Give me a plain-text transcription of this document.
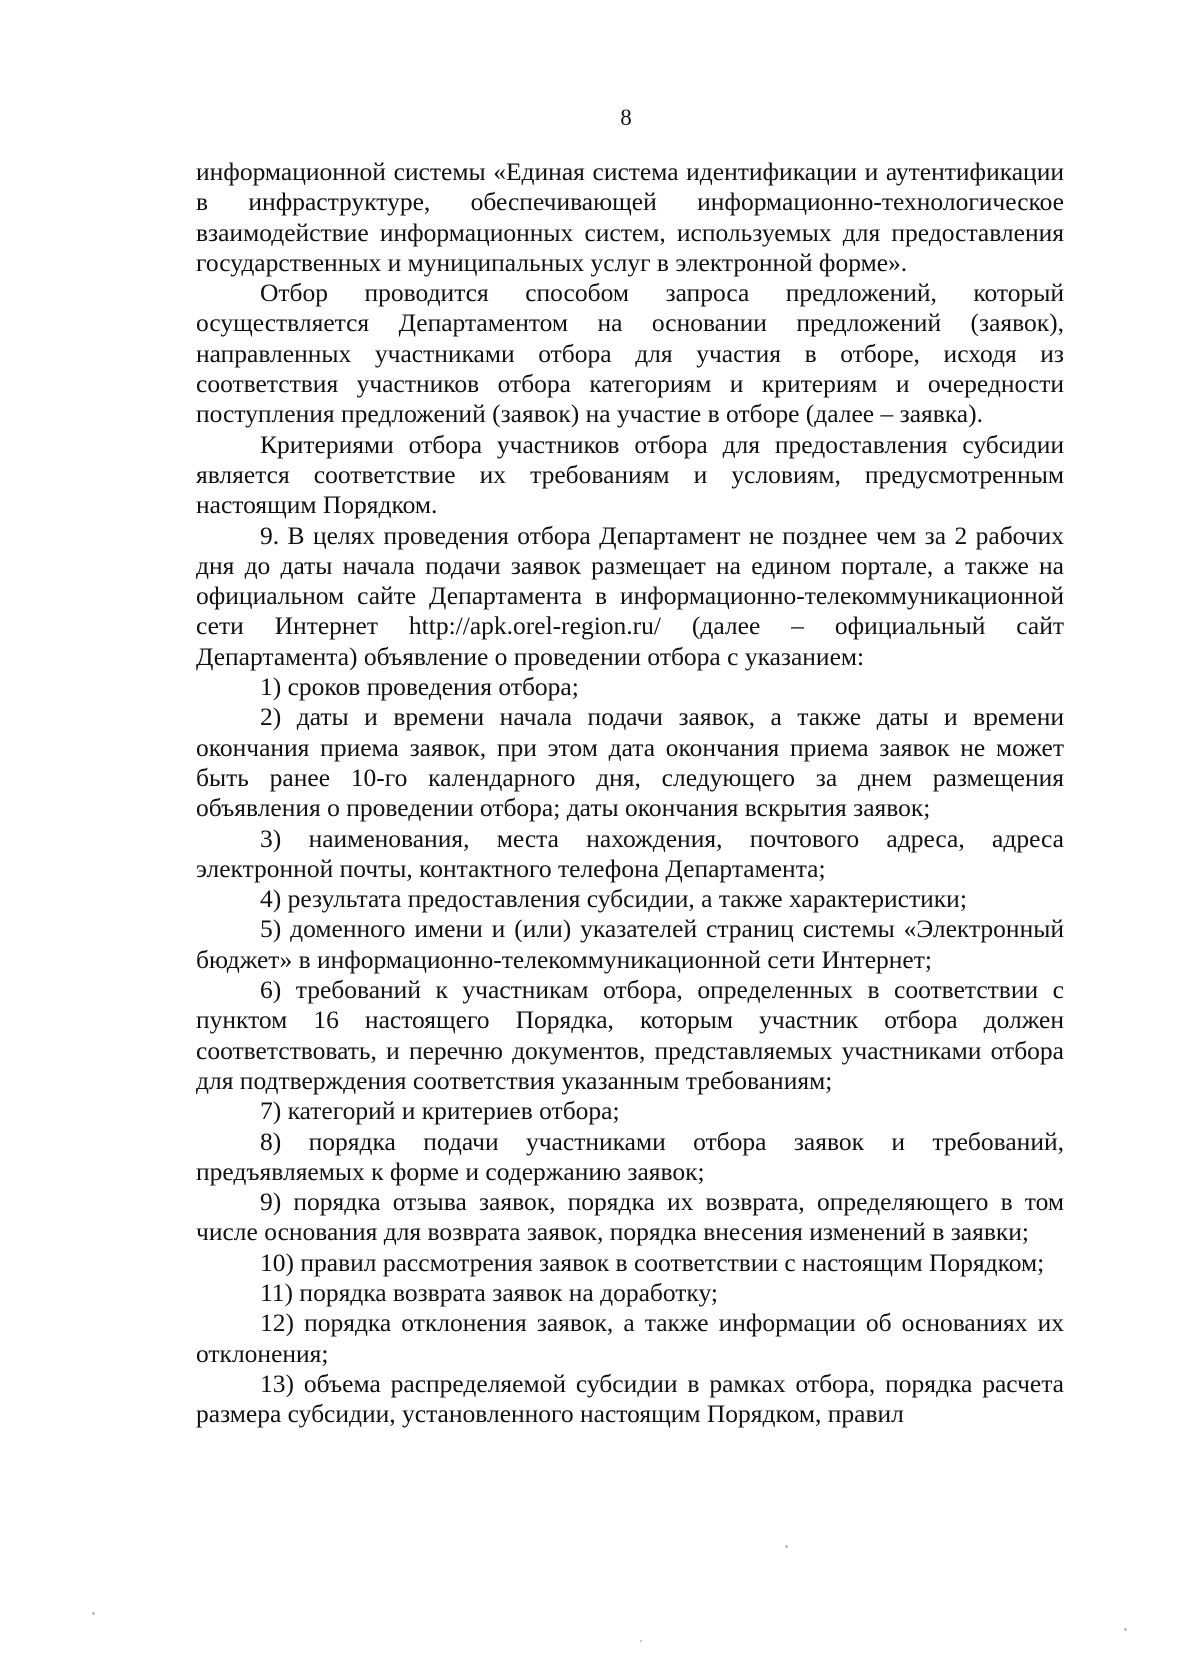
8

информационной системы «Единая система идентификации и аутентификации в инфраструктуре, обеспечивающей информационно-технологическое взаимодействие информационных систем, используемых для предоставления государственных и муниципальных услуг в электронной форме».

Отбор проводится способом запроса предложений, который осуществляется Департаментом на основании предложений (заявок), направленных участниками отбора для участия в отборе, исходя из соответствия участников отбора категориям и критериям и очередности поступления предложений (заявок) на участие в отборе (далее – заявка).

Критериями отбора участников отбора для предоставления субсидии является соответствие их требованиям и условиям, предусмотренным настоящим Порядком.

9. В целях проведения отбора Департамент не позднее чем за 2 рабочих дня до даты начала подачи заявок размещает на едином портале, а также на официальном сайте Департамента в информационно-телекоммуникационной сети Интернет http://apk.orel-region.ru/ (далее – официальный сайт Департамента) объявление о проведении отбора с указанием:

1) сроков проведения отбора;

2) даты и времени начала подачи заявок, а также даты и времени окончания приема заявок, при этом дата окончания приема заявок не может быть ранее 10-го календарного дня, следующего за днем размещения объявления о проведении отбора; даты окончания вскрытия заявок;

3) наименования, места нахождения, почтового адреса, адреса электронной почты, контактного телефона Департамента;

4) результата предоставления субсидии, а также характеристики;

5) доменного имени и (или) указателей страниц системы «Электронный бюджет» в информационно-телекоммуникационной сети Интернет;

6) требований к участникам отбора, определенных в соответствии с пунктом 16 настоящего Порядка, которым участник отбора должен соответствовать, и перечню документов, представляемых участниками отбора для подтверждения соответствия указанным требованиям;

7) категорий и критериев отбора;

8) порядка подачи участниками отбора заявок и требований, предъявляемых к форме и содержанию заявок;

9) порядка отзыва заявок, порядка их возврата, определяющего в том числе основания для возврата заявок, порядка внесения изменений в заявки;

10) правил рассмотрения заявок в соответствии с настоящим Порядком;

11) порядка возврата заявок на доработку;

12) порядка отклонения заявок, а также информации об основаниях их отклонения;

13) объема распределяемой субсидии в рамках отбора, порядка расчета размера субсидии, установленного настоящим Порядком, правил
